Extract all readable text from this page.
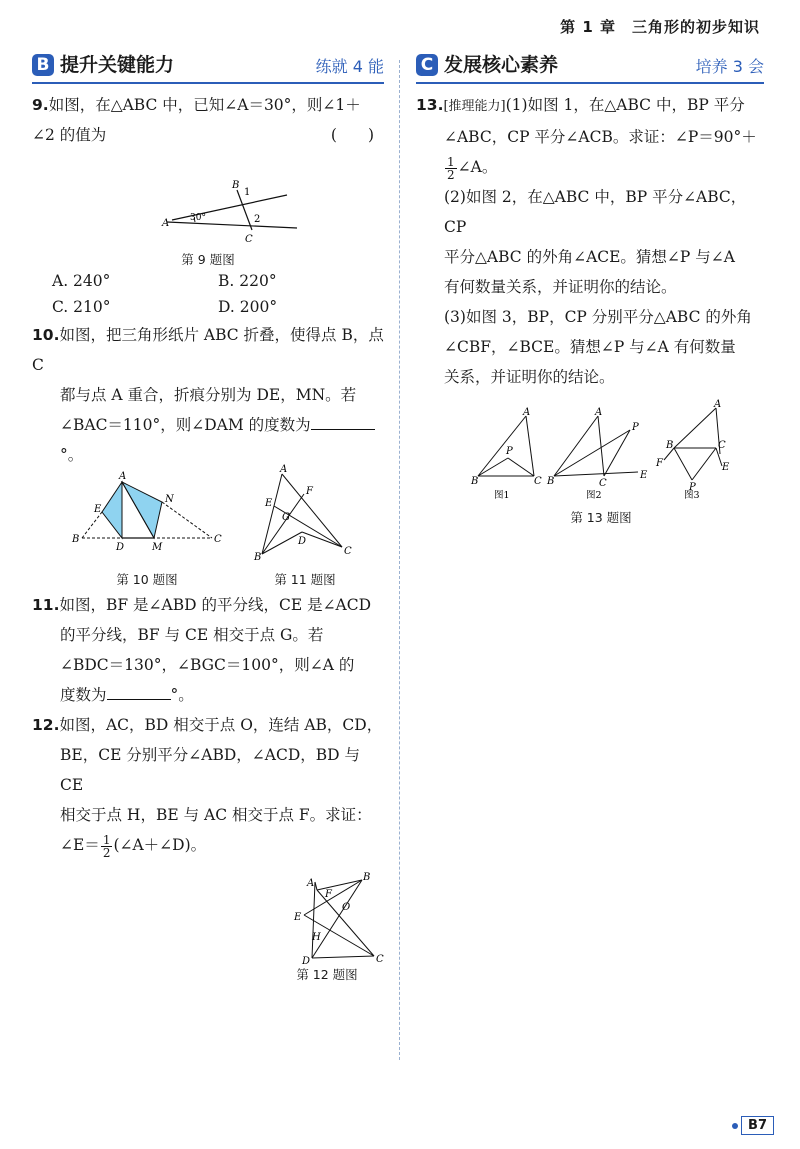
第 1 章　三角形的初步知识
B 提升关键能力	练就 4 能

9.如图，在△ABC 中，已知∠A＝30°，则∠1＋

∠2 的值为	(　　)

A
B
C
30°
1
2
第 9 题图
A. 240°	B. 220°
C. 210°	D. 200°

10.如图，把三角形纸片 ABC 折叠，使得点 B，点 C

都与点 A 重合，折痕分别为 DE，MN。若

∠BAC＝110°，则∠DAM 的度数为°。

A
B	C
D
E
M
N
A
B
C
D
E
F
G
第 10 题图	第 11 题图

11.如图，BF 是∠ABD 的平分线，CE 是∠ACD

的平分线，BF 与 CE 相交于点 G。若

∠BDC＝130°，∠BGC＝100°，则∠A 的

度数为	°。

12.如图，AC，BD 相交于点 O，连结 AB，CD，

BE，CE 分别平分∠ABD，∠ACD，BD 与 CE

相交于点 H，BE 与 AC 相交于点 F。求证：

∠E＝ $\frac{1}{2}$ (∠A＋∠D)。

A
B
C
D
E
F
H
O
第 12 题图
C 发展核心素养	培养 3 会

13.[推理能力](1)如图 1，在△ABC 中，BP 平分

∠ABC，CP 平分∠ACB。求证：∠P＝90°＋

$\frac{1}{2}$ ∠A。

(2)如图 2，在△ABC 中，BP 平分∠ABC，CP

平分△ABC 的外角∠ACE。猜想∠P 与∠A

有何数量关系，并证明你的结论。

(3)如图 3，BP，CP 分别平分△ABC 的外角

∠CBF，∠BCE。猜想∠P 与∠A 有何数量

关系，并证明你的结论。

A
B	C
P
图1
A
B	C
E
P
图2
A
B	C
F	E
P
图3
第 13 题图
B7
